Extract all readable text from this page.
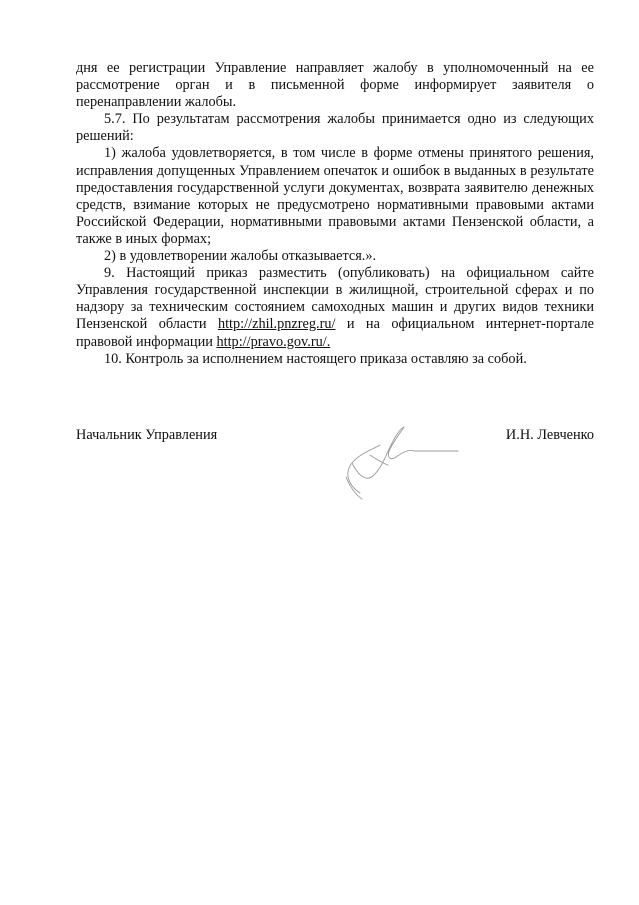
дня ее регистрации Управление направляет жалобу в уполномоченный на ее рассмотрение орган и в письменной форме информирует заявителя о перенаправлении жалобы.

5.7. По результатам рассмотрения жалобы принимается одно из следующих решений:

1) жалоба удовлетворяется, в том числе в форме отмены принятого решения, исправления допущенных Управлением опечаток и ошибок в выданных в результате предоставления государственной услуги документах, возврата заявителю денежных средств, взимание которых не предусмотрено нормативными правовыми актами Российской Федерации, нормативными правовыми актами Пензенской области, а также в иных формах;

2) в удовлетворении жалобы отказывается.».

9. Настоящий приказ разместить (опубликовать) на официальном сайте Управления государственной инспекции в жилищной, строительной сферах и по надзору за техническим состоянием самоходных машин и других видов техники Пензенской области http://zhil.pnzreg.ru/ и на официальном интернет-портале правовой информации http://pravo.gov.ru/.

10. Контроль за исполнением настоящего приказа оставляю за собой.

Начальник Управления	И.Н. Левченко
